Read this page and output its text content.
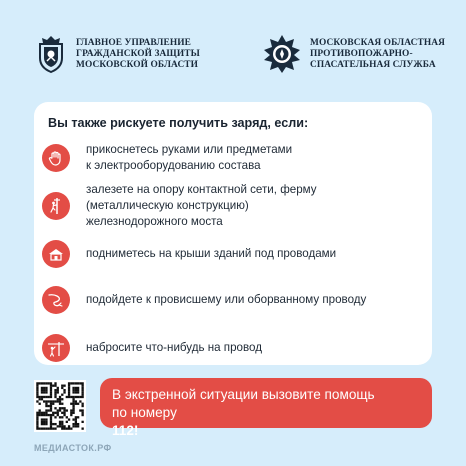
ГЛАВНОЕ УПРАВЛЕНИЕ
ГРАЖДАНСКОЙ ЗАЩИТЫ
МОСКОВСКОЙ ОБЛАСТИ
МОСКОВСКАЯ ОБЛАСТНАЯ
ПРОТИВОПОЖАРНО-
СПАСАТЕЛЬНАЯ СЛУЖБА
Вы также рискуете получить заряд, если:
прикоснетесь руками или предметами
к электрооборудованию состава
залезете на опору контактной сети, ферму
(металлическую конструкцию)
железнодорожного моста
подниметесь на крыши зданий под проводами
подойдете к провисшему или оборванному проводу
набросите что-нибудь на провод
В экстренной ситуации вызовите помощь
по номеру
112!
МЕДИАСТОК.РФ
